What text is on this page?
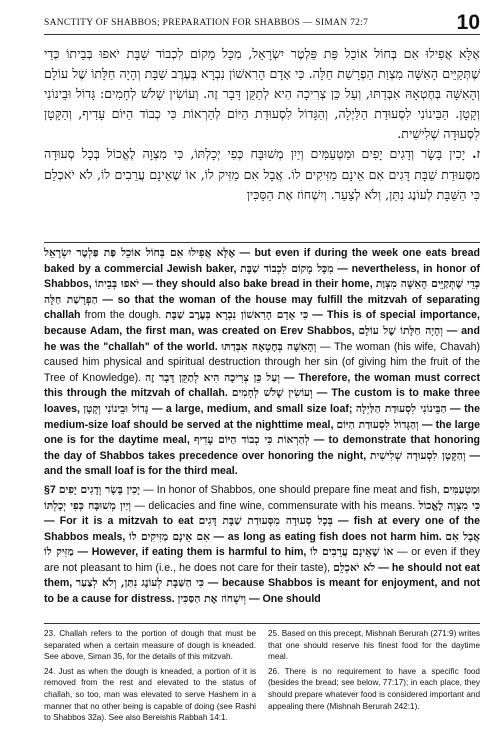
SANCTITY OF SHABBOS; PREPARATION FOR SHABBOS — SIMAN 72:7	10

אֶלָּא אֲפִילוּ אִם בְּחוֹל אוֹכֵל פַּת פַּלְטֶר יִשְׂרָאֵל, מִכָּל מָקוֹם לִכְבוֹד שַׁבָּת יֹאפוּ בְּבֵיתוֹ כְּדֵי שֶׁתְּקַיֵּים הָאִשָּׁה מִצְוַת הַפְרָשַׁת חַלָּה. כִּי אָדָם הָרִאשׁוֹן נִבְרָא בְּעֶרֶב שַׁבָּת וְהָיָה חַלָּתוֹ שֶׁל עוֹלָם וְהָאִשָּׁה בְּחֶטְאָהּ אִבְּדַתּוּ, וְעַל כֵּן צְרִיכָה הִיא לְתַקֵּן דָּבָר זֶה. וְעוֹשִׂין שָׁלֹשׁ לְחָמִים: גָּדוֹל וּבֵינוֹנִי וְקָטָן. הַבֵּינוֹנִי לִסְעוּדַת הַלַּיְלָה, וְהַגָּדוֹל לִסְעוּדַת הַיּוֹם לְהַרְאוֹת כִּי כְבוֹד הַיּוֹם עָדִיף, וְהַקָּטָן לִסְעוּדָה שְׁלִישִׁית.

ז. יָכִין בָּשָׂר וְדָגִים יָפִים וּמַטְעַמִּים וְיַיִן מְשׁוּבָּח כְּפִי יְכָלְתּוֹ, כִּי מִצְוָה לֶאֱכוֹל בְּכָל סְעוּדָה מִסְּעוּדַת שַׁבָּת דָּגִים אִם אֵינָם מַזִּיקִים לוֹ. אֲבָל אִם מַזִּיק לוֹ, אוֹ שֶׁאֵינָם עֲרֵבִים לוֹ, לֹא יֹאכְלֵם כִּי הַשַּׁבָּת לְעוֹנֶג נִתַּן, וְלֹא לְצַעַר. וְיִשְׁחוֹז אֶת הַסַּכִּין

אֶלָּא אֲפִילוּ אִם בְּחוֹל אוֹכֵל פַּת פַּלְטֶר יִשְׂרָאֵל — but even if during the week one eats bread baked by a commercial Jewish baker, מִכָּל מָקוֹם לִכְבוֹד שַׁבָּת — nevertheless, in honor of Shabbos, יֹאפוּ בְּבֵיתוֹ — they should also bake bread in their home, כְּדֵי שֶׁתְּקַיֵּים הָאִשָּׁה מִצְוַת הַפְרָשַׁת חַלָּה — so that the woman of the house may fulfill the mitzvah of separating challah from the dough. כִּי אָדָם הָרִאשׁוֹן נִבְרָא בְּעֶרֶב שַׁבָּת — This is of special importance, because Adam, the first man, was created on Erev Shabbos, וְהָיָה חַלָּתוֹ שֶׁל עוֹלָם — and he was the "challah" of the world. וְהָאִשָּׁה בְּחֶטְאָהּ אִבְּדַתּוּ — The woman (his wife, Chavah) caused him physical and spiritual destruction through her sin (of giving him the fruit of the Tree of Knowledge). וְעַל כֵּן צְרִיכָה הִיא לְתַקֵּן דָּבָר זֶה — Therefore, the woman must correct this through the mitzvah of challah. וְעוֹשִׂין שָׁלֹשׁ לְחָמִים — The custom is to make three loaves, גָּדוֹל וּבֵינוֹנִי וְקָטָן — a large, medium, and small size loaf; הַבֵּינוֹנִי לִסְעוּדַת הַלַּיְלָה — the medium-size loaf should be served at the nighttime meal, וְהַגָּדוֹל לִסְעוּדַת הַיּוֹם — the large one is for the daytime meal, לְהַרְאוֹת כִּי כְבוֹד הַיּוֹם עָדִיף — to demonstrate that honoring the day of Shabbos takes precedence over honoring the night, וְהַקָּטָן לִסְעוּדָה שְׁלִישִׁית — and the small loaf is for the third meal.

§7 יָכִין בָּשָׂר וְדָגִים יָפִים — In honor of Shabbos, one should prepare fine meat and fish, וּמַטְעַמִּים וְיַיִן מְשׁוּבָּח כְּפִי יְכָלְתּוֹ — delicacies and fine wine, commensurate with his means. כִּי מִצְוָה לֶאֱכוֹל — For it is a mitzvah to eat בְּכָל סְעוּדָה מִסְּעוּדַת שַׁבָּת דָּגִים — fish at every one of the Shabbos meals, אִם אֵינָם מַזִּיקִים לוֹ — as long as eating fish does not harm him. אֲבָל אִם מַזִּיק לוֹ — However, if eating them is harmful to him, אוֹ שֶׁאֵינָם עֲרֵבִים לוֹ — or even if they are not pleasant to him (i.e., he does not care for their taste), לֹא יֹאכְלֵם — he should not eat them, כִּי הַשַּׁבָּת לְעוֹנֶג נִתַּן, וְלֹא לְצַעַר — because Shabbos is meant for enjoyment, and not to be a cause for distress. וְיִשְׁחוֹז אֶת הַסַּכִּין — One should

23. Challah refers to the portion of dough that must be separated when a certain measure of dough is kneaded. See above, Siman 35, for the details of this mitzvah.

24. Just as when the dough is kneaded, a portion of it is removed from the rest and elevated to the status of challah, so too, man was elevated to serve Hashem in a manner that no other being is capable of doing (see Rashi to Shabbos 32a). See also Bereishis Rabbah 14:1.

25. Based on this precept, Mishnah Berurah (271:9) writes that one should reserve his finest food for the daytime meal.

26. There is no requirement to have a specific food (besides the bread; see below, 77:17); in each place, they should prepare whatever food is considered important and appealing there (Mishnah Berurah 242:1).
